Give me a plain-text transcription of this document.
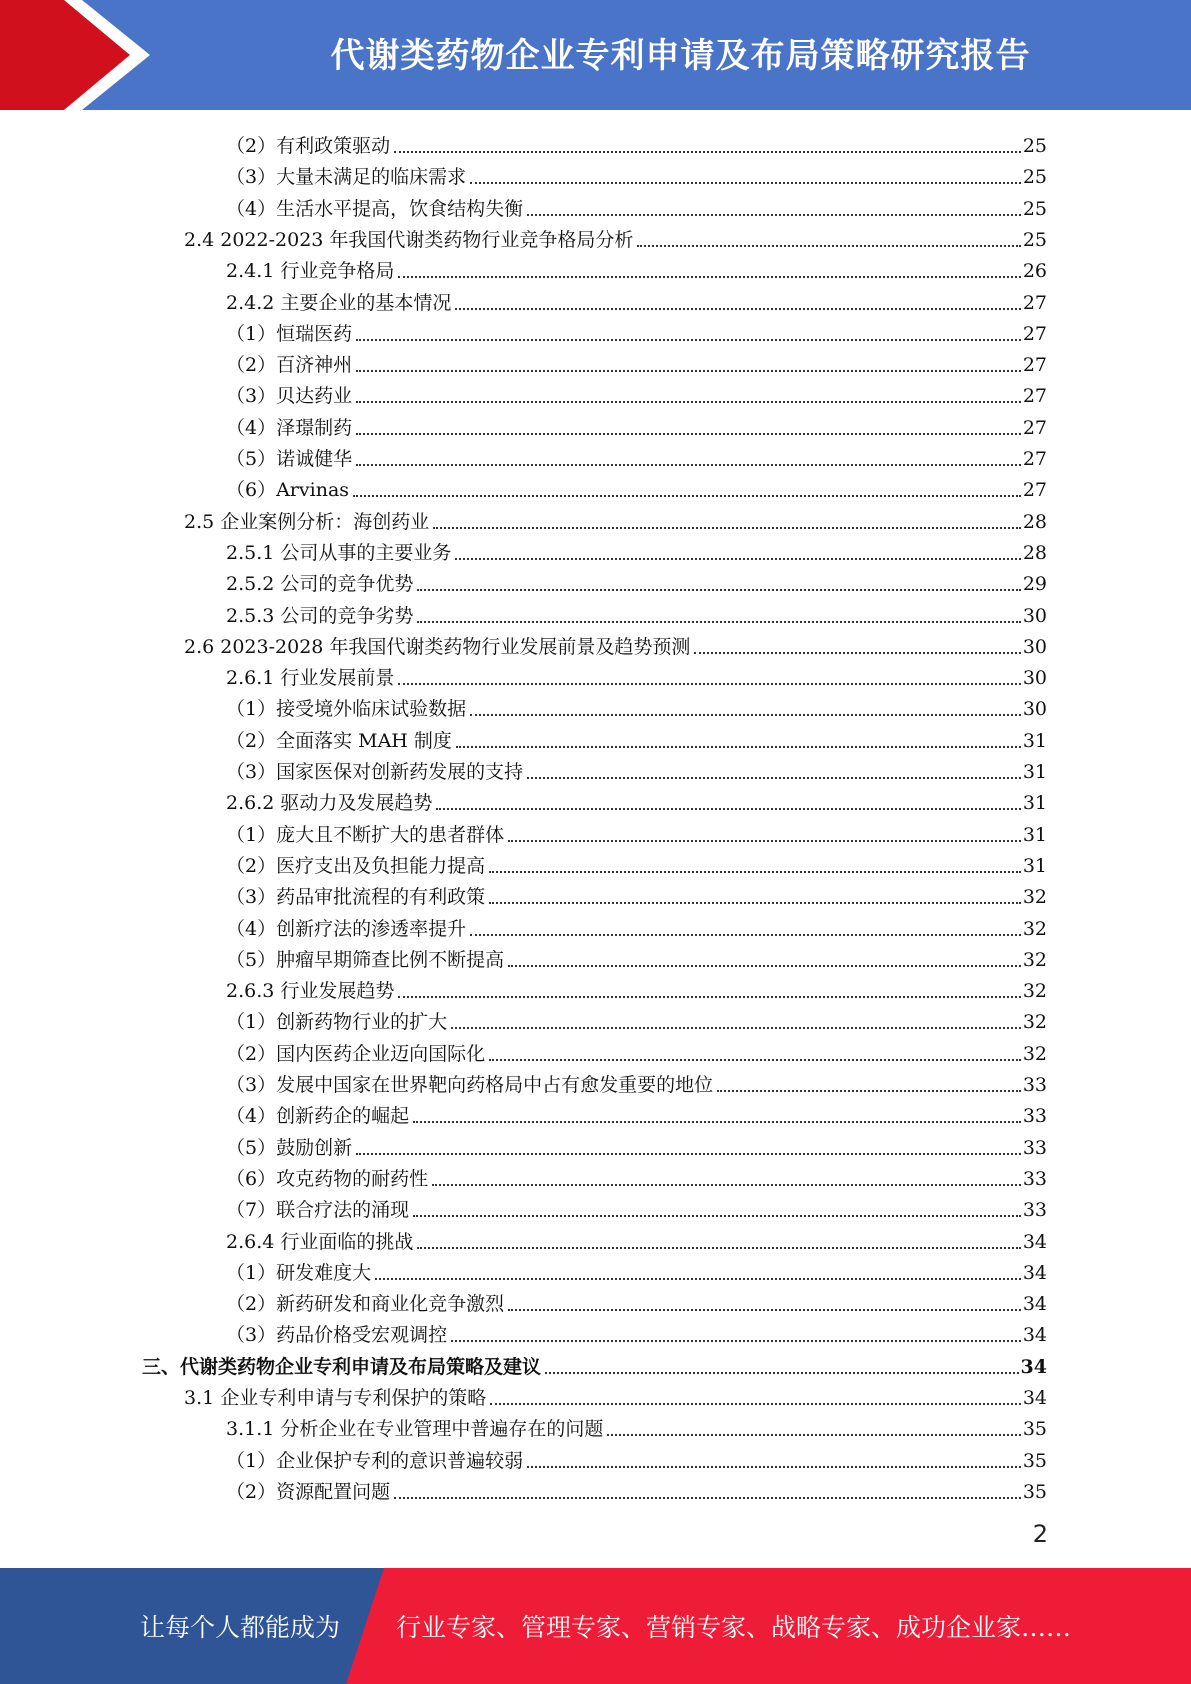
代谢类药物企业专利申请及布局策略研究报告
（2）有利政策驱动	25
（3）大量未满足的临床需求	25
（4）生活水平提高，饮食结构失衡	25
2.4 2022-2023 年我国代谢类药物行业竞争格局分析	25
2.4.1 行业竞争格局	26
2.4.2 主要企业的基本情况	27
（1）恒瑞医药	27
（2）百济神州	27
（3）贝达药业	27
（4）泽璟制药	27
（5）诺诚健华	27
（6）Arvinas	27
2.5 企业案例分析：海创药业	28
2.5.1 公司从事的主要业务	28
2.5.2 公司的竞争优势	29
2.5.3 公司的竞争劣势	30
2.6 2023-2028 年我国代谢类药物行业发展前景及趋势预测	30
2.6.1 行业发展前景	30
（1）接受境外临床试验数据	30
（2）全面落实 MAH 制度	31
（3）国家医保对创新药发展的支持	31
2.6.2 驱动力及发展趋势	31
（1）庞大且不断扩大的患者群体	31
（2）医疗支出及负担能力提高	31
（3）药品审批流程的有利政策	32
（4）创新疗法的渗透率提升	32
（5）肿瘤早期筛查比例不断提高	32
2.6.3 行业发展趋势	32
（1）创新药物行业的扩大	32
（2）国内医药企业迈向国际化	32
（3）发展中国家在世界靶向药格局中占有愈发重要的地位	33
（4）创新药企的崛起	33
（5）鼓励创新	33
（6）攻克药物的耐药性	33
（7）联合疗法的涌现	33
2.6.4 行业面临的挑战	34
（1）研发难度大	34
（2）新药研发和商业化竞争激烈	34
（3）药品价格受宏观调控	34
三、代谢类药物企业专利申请及布局策略及建议	34
3.1 企业专利申请与专利保护的策略	34
3.1.1 分析企业在专业管理中普遍存在的问题	35
（1）企业保护专利的意识普遍较弱	35
（2）资源配置问题	35
2
让每个人都能成为 行业专家、管理专家、营销专家、战略专家、成功企业家……
